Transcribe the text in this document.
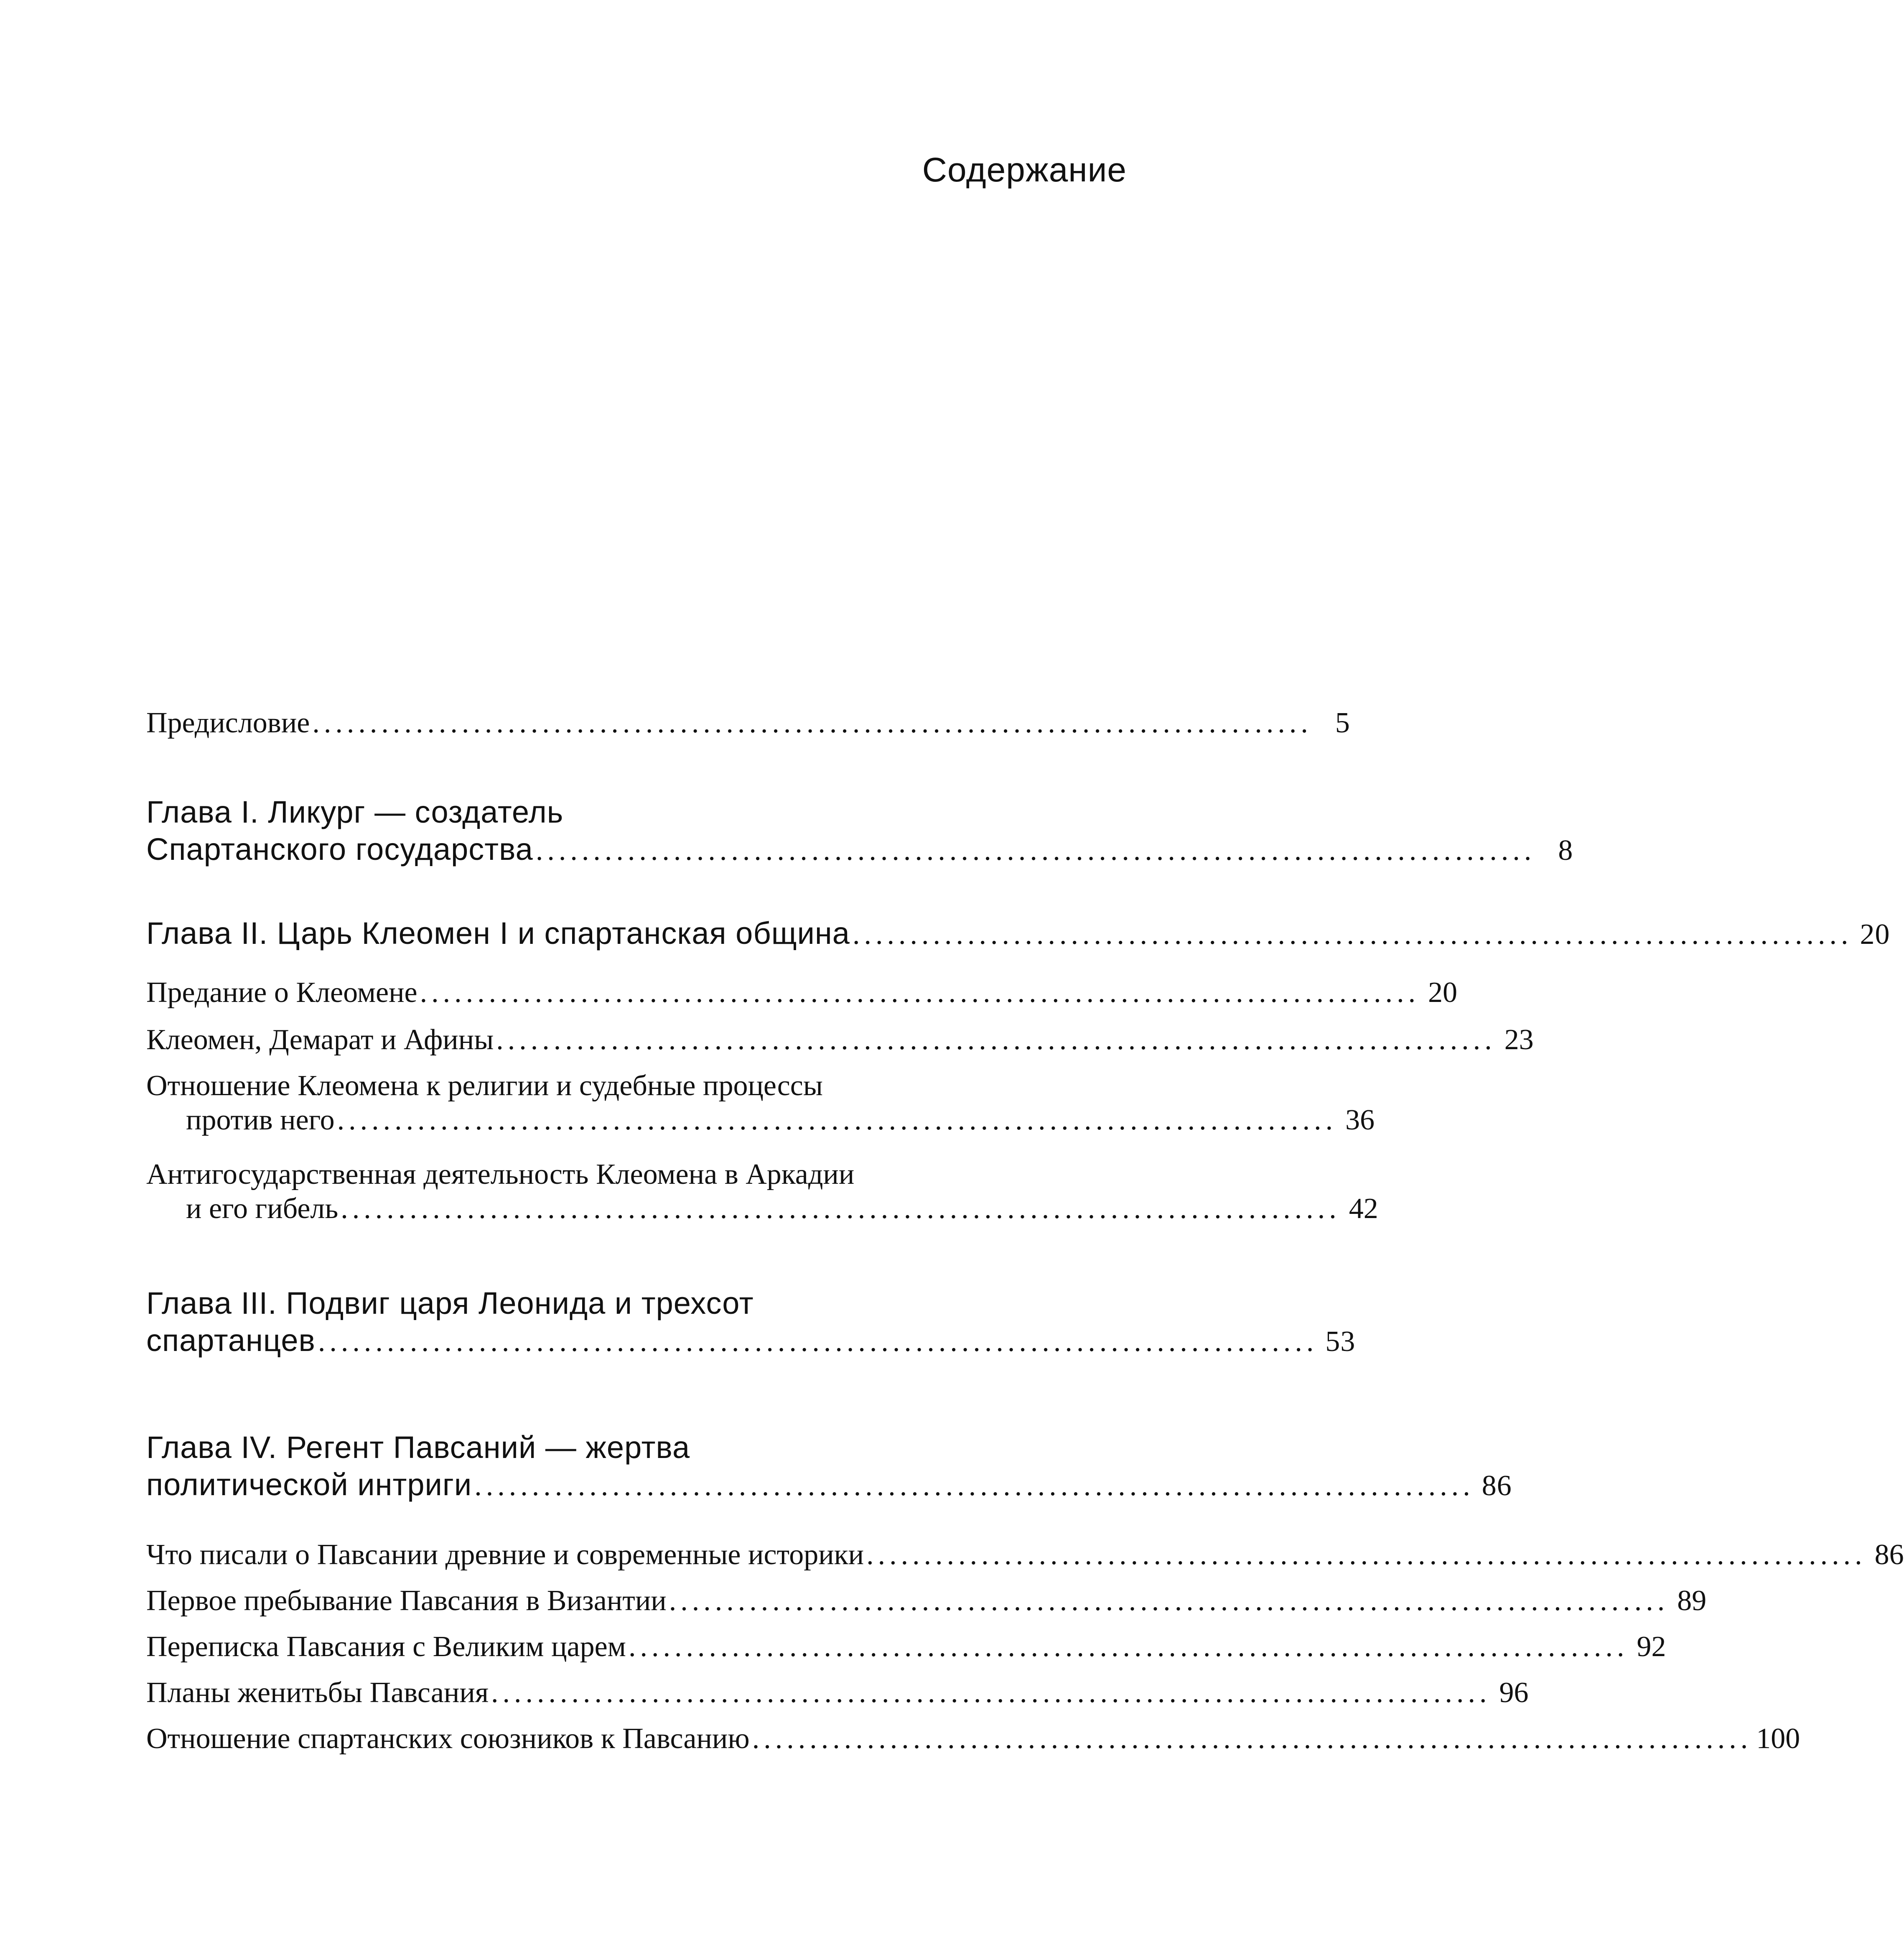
Содержание
Предисловие ....................................................................................... 5
Глава I. Ликург — создатель
Спартанского государства ....................................................................................... 8
Глава II. Царь Клеомен I и спартанская община ....................................................................................... 20
Предание о Клеомене ....................................................................................... 20
Клеомен, Демарат и Афины ....................................................................................... 23
Отношение Клеомена к религии и судебные процессы
против него ....................................................................................... 36
Антигосударственная деятельность Клеомена в Аркадии
и его гибель ....................................................................................... 42
Глава III. Подвиг царя Леонида и трехсот
спартанцев ....................................................................................... 53
Глава IV. Регент Павсаний — жертва
политической интриги ....................................................................................... 86
Что писали о Павсании древние и современные историки ....................................................................................... 86
Первое пребывание Павсания в Византии ....................................................................................... 89
Переписка Павсания с Великим царем ....................................................................................... 92
Планы женитьбы Павсания ....................................................................................... 96
Отношение спартанских союзников к Павсанию ....................................................................................... 100
